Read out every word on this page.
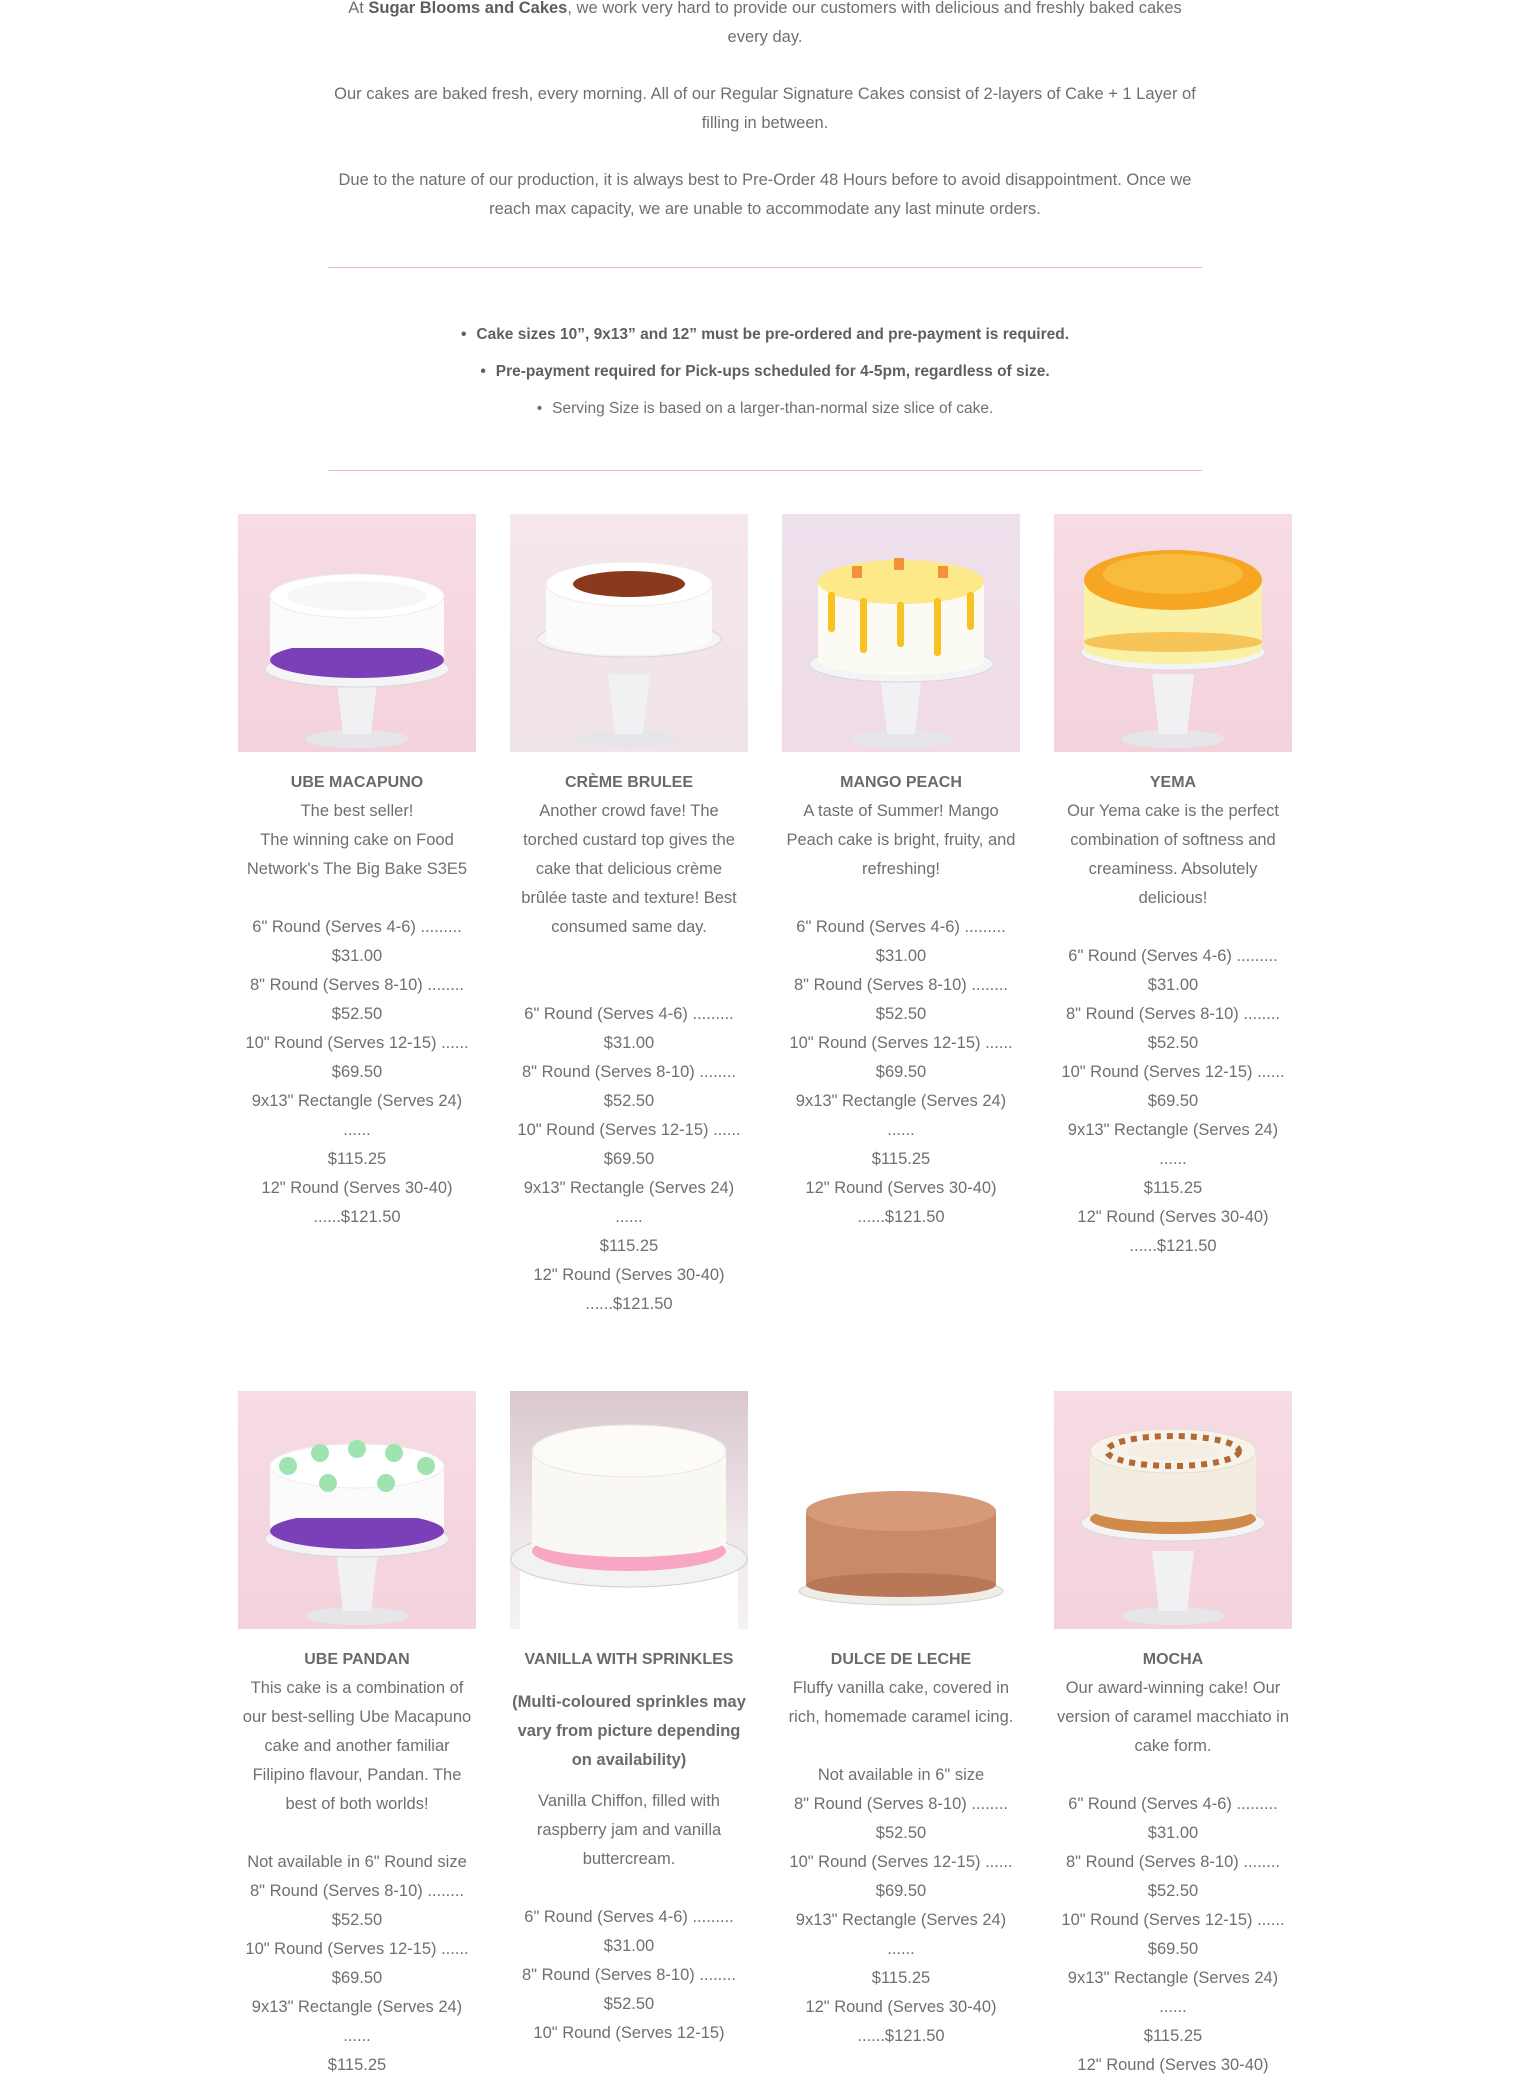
At Sugar Blooms and Cakes, we work very hard to provide our customers with delicious and freshly baked cakes every day.

Our cakes are baked fresh, every morning. All of our Regular Signature Cakes consist of 2-layers of Cake + 1 Layer of filling in between.

Due to the nature of our production, it is always best to Pre-Order 48 Hours before to avoid disappointment. Once we reach max capacity, we are unable to accommodate any last minute orders.

• Cake sizes 10”, 9x13” and 12” must be pre-ordered and pre-payment is required.
• Pre-payment required for Pick-ups scheduled for 4-5pm, regardless of size.
• Serving Size is based on a larger-than-normal size slice of cake.
UBE MACAPUNO
The best seller!
The winning cake on Food Network's The Big Bake S3E5
6" Round (Serves 4-6) .........
$31.00
8" Round (Serves 8-10) ........
$52.50
10" Round (Serves 12-15) ......
$69.50
9x13" Rectangle (Serves 24) ......
$115.25
12" Round (Serves 30-40)
......$121.50
CRÈME BRULEE
Another crowd fave! The torched custard top gives the cake that delicious crème brûlée taste and texture! Best consumed same day.
6" Round (Serves 4-6) .........
$31.00
8" Round (Serves 8-10) ........
$52.50
10" Round (Serves 12-15) ......
$69.50
9x13" Rectangle (Serves 24) ......
$115.25
12" Round (Serves 30-40)
......$121.50
MANGO PEACH
A taste of Summer! Mango Peach cake is bright, fruity, and refreshing!
6" Round (Serves 4-6) .........
$31.00
8" Round (Serves 8-10) ........
$52.50
10" Round (Serves 12-15) ......
$69.50
9x13" Rectangle (Serves 24) ......
$115.25
12" Round (Serves 30-40)
......$121.50
YEMA
Our Yema cake is the perfect combination of softness and creaminess. Absolutely delicious!
6" Round (Serves 4-6) .........
$31.00
8" Round (Serves 8-10) ........
$52.50
10" Round (Serves 12-15) ......
$69.50
9x13" Rectangle (Serves 24) ......
$115.25
12" Round (Serves 30-40)
......$121.50
UBE PANDAN
This cake is a combination of our best-selling Ube Macapuno cake and another familiar Filipino flavour, Pandan. The best of both worlds!
Not available in 6" Round size
8" Round (Serves 8-10) ........
$52.50
10" Round (Serves 12-15) ......
$69.50
9x13" Rectangle (Serves 24) ......
$115.25
VANILLA WITH SPRINKLES
(Multi-coloured sprinkles may vary from picture depending on availability)
Vanilla Chiffon, filled with raspberry jam and vanilla buttercream.
6" Round (Serves 4-6) .........
$31.00
8" Round (Serves 8-10) ........
$52.50
10" Round (Serves 12-15)
DULCE DE LECHE
Fluffy vanilla cake, covered in rich, homemade caramel icing.
Not available in 6" size
8" Round (Serves 8-10) ........
$52.50
10" Round (Serves 12-15) ......
$69.50
9x13" Rectangle (Serves 24) ......
$115.25
12" Round (Serves 30-40)
......$121.50
MOCHA
Our award-winning cake! Our version of caramel macchiato in cake form.
6" Round (Serves 4-6) .........
$31.00
8" Round (Serves 8-10) ........
$52.50
10" Round (Serves 12-15) ......
$69.50
9x13" Rectangle (Serves 24) ......
$115.25
12" Round (Serves 30-40)
